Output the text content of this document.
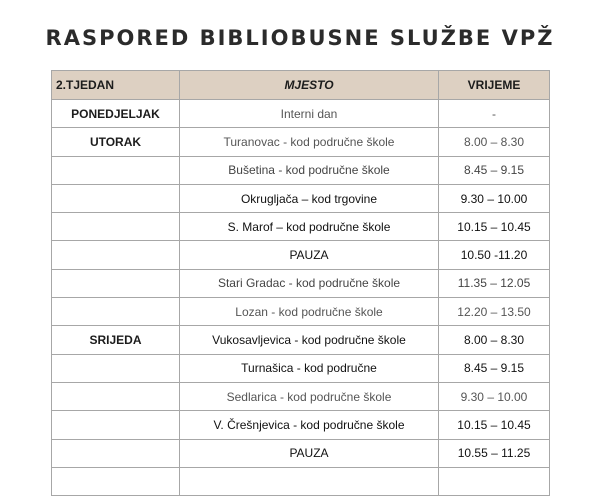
RASPORED BIBLIOBUSNE SLUŽBE VPŽ
2.TJEDAN	MJESTO	VRIJEME
PONEDJELJAK	Interni dan	-
UTORAK	Turanovac - kod područne škole	8.00 – 8.30
	Bušetina - kod područne škole	8.45 – 9.15
	Okrugljača – kod trgovine	9.30 – 10.00
	S. Marof – kod područne škole	10.15 – 10.45
	PAUZA	10.50 -11.20
	Stari Gradac - kod područne škole	11.35 – 12.05
	Lozan - kod područne škole	12.20 – 13.50
SRIJEDA	Vukosavljevica - kod područne škole	8.00 – 8.30
	Turnašica - kod područne	8.45 – 9.15
	Sedlarica - kod područne škole	9.30 – 10.00
	V. Črešnjevica - kod područne škole	10.15 – 10.45
	PAUZA	10.55 – 11.25
